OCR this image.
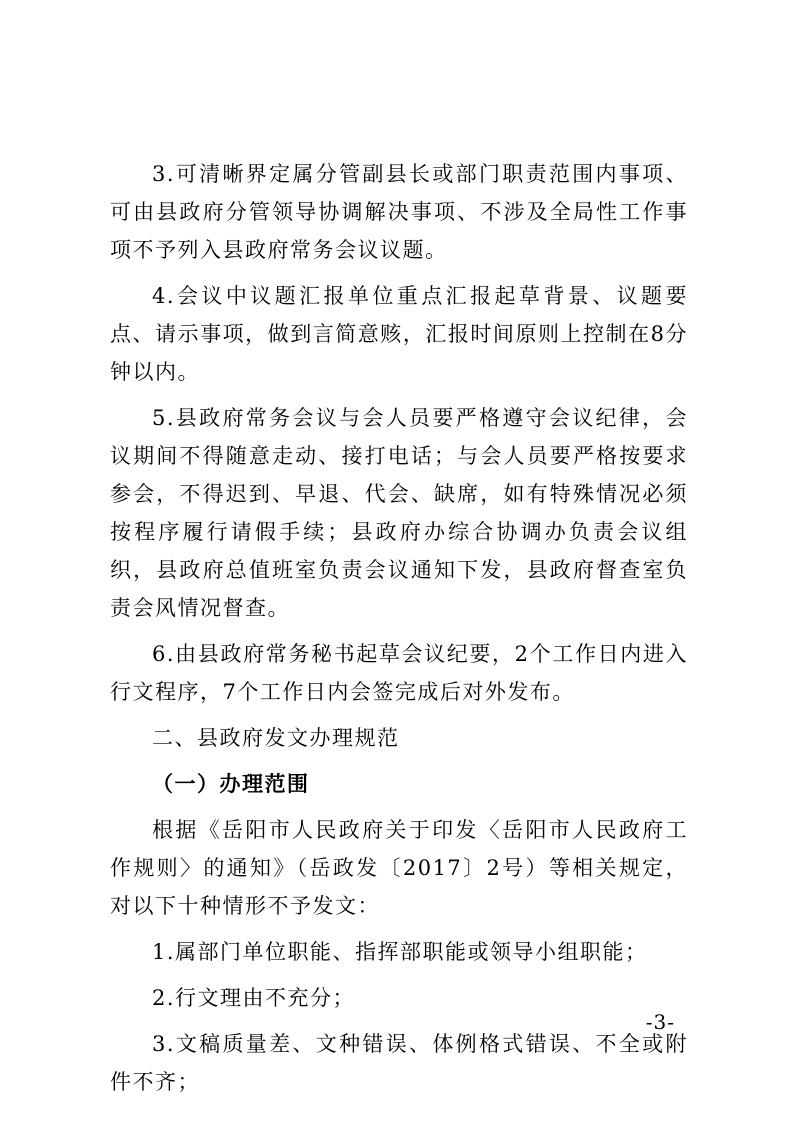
3.可清晰界定属分管副县长或部门职责范围内事项、可由县政府分管领导协调解决事项、不涉及全局性工作事项不予列入县政府常务会议议题。

4.会议中议题汇报单位重点汇报起草背景、议题要点、请示事项，做到言简意赅，汇报时间原则上控制在8分钟以内。

5.县政府常务会议与会人员要严格遵守会议纪律，会议期间不得随意走动、接打电话；与会人员要严格按要求参会，不得迟到、早退、代会、缺席，如有特殊情况必须按程序履行请假手续；县政府办综合协调办负责会议组织，县政府总值班室负责会议通知下发，县政府督查室负责会风情况督查。

6.由县政府常务秘书起草会议纪要，2个工作日内进入行文程序，7个工作日内会签完成后对外发布。

二、县政府发文办理规范

（一）办理范围

根据《岳阳市人民政府关于印发〈岳阳市人民政府工作规则〉的通知》（岳政发〔2017〕2号）等相关规定，对以下十种情形不予发文：

1.属部门单位职能、指挥部职能或领导小组职能；

2.行文理由不充分；

3.文稿质量差、文种错误、体例格式错误、不全或附件不齐；

-3-
